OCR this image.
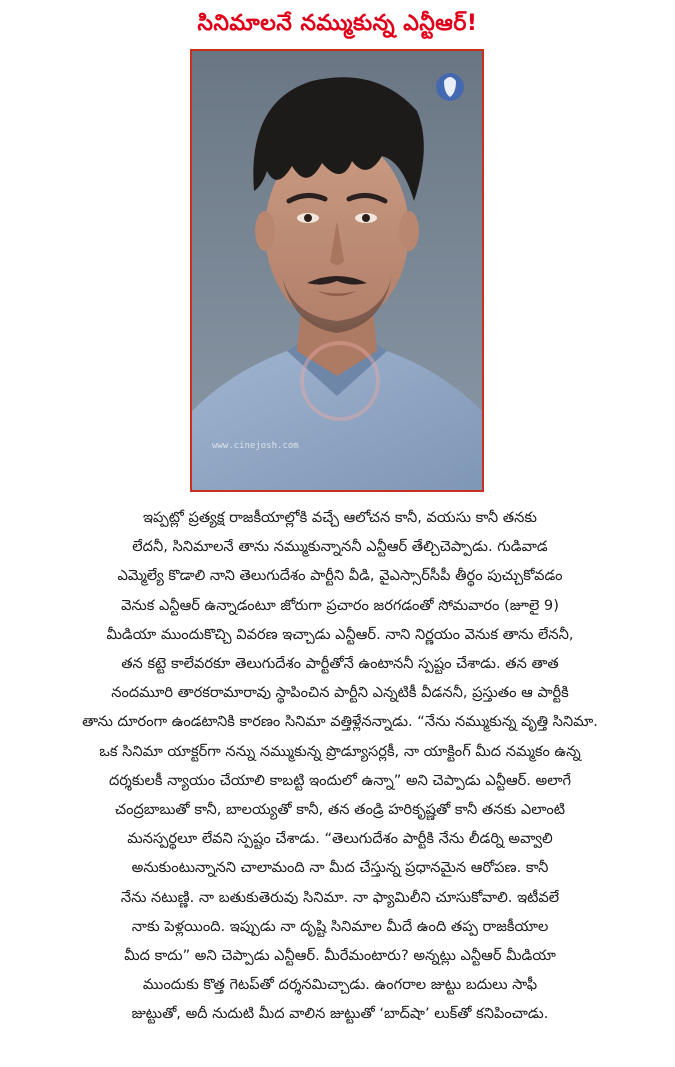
సినిమాలనే నమ్ముకున్న ఎన్టీఆర్!
www.cinejosh.com
ఇప్పట్లో ప్రత్యక్ష రాజకీయాల్లోకి వచ్చే ఆలోచన కానీ, వయసు కానీ తనకు
లేదనీ, సినిమాలనే తాను నమ్ముకున్నాననీ ఎన్టీఆర్ తేల్చిచెప్పాడు. గుడివాడ
ఎమ్మెల్యే కొడాలి నాని తెలుగుదేశం పార్టీని వీడి, వైఎస్సార్‌సీపీ తీర్థం పుచ్చుకోవడం
వెనుక ఎన్టీఆర్ ఉన్నాడంటూ జోరుగా ప్రచారం జరగడంతో సోమవారం (జూలై 9)
మీడియా ముందుకొచ్చి వివరణ ఇచ్చాడు ఎన్టీఆర్. నాని నిర్ణయం వెనుక తాను లేననీ,
తన కట్టె కాలేవరకూ తెలుగుదేశం పార్టీతోనే ఉంటాననీ స్పష్టం చేశాడు. తన తాత
నందమూరి తారకరామారావు స్థాపించిన పార్టీని ఎన్నటికీ వీడననీ, ప్రస్తుతం ఆ పార్టీకి
తాను దూరంగా ఉండటానికి కారణం సినిమా వత్తిళ్లేనన్నాడు. “నేను నమ్ముకున్న వృత్తి సినిమా.
ఒక సినిమా యాక్టర్‌గా నన్ను నమ్ముకున్న ప్రొడ్యూసర్లకీ, నా యాక్టింగ్ మీద నమ్మకం ఉన్న
దర్శకులకీ న్యాయం చేయాలి కాబట్టి ఇందులో ఉన్నా” అని చెప్పాడు ఎన్టీఆర్. అలాగే
చంద్రబాబుతో కానీ, బాలయ్యతో కానీ, తన తండ్రి హరికృష్ణతో కానీ తనకు ఎలాంటి
మనస్పర్థలూ లేవని స్పష్టం చేశాడు. “తెలుగుదేశం పార్టీకి నేను లీడర్ని అవ్వాలి
అనుకుంటున్నానని చాలామంది నా మీద చేస్తున్న ప్రధానమైన ఆరోపణ. కానీ
నేను నటుణ్ణి. నా బతుకుతెరువు సినిమా. నా ఫ్యామిలీని చూసుకోవాలి. ఇటీవలే
నాకు పెళ్లయింది. ఇప్పుడు నా దృష్టి సినిమాల మీదే ఉంది తప్ప రాజకీయాల
మీద కాదు” అని చెప్పాడు ఎన్టీఆర్. మీరేమంటారు? అన్నట్లు ఎన్టీఆర్ మీడియా
ముందుకు కొత్త గెటప్‌తో దర్శనమిచ్చాడు. ఉంగరాల జుట్టు బదులు సాఫీ
జుట్టుతో, అదీ నుదుటి మీద వాలిన జుట్టుతో ‘బాద్‌షా’ లుక్‌తో కనిపించాడు.
